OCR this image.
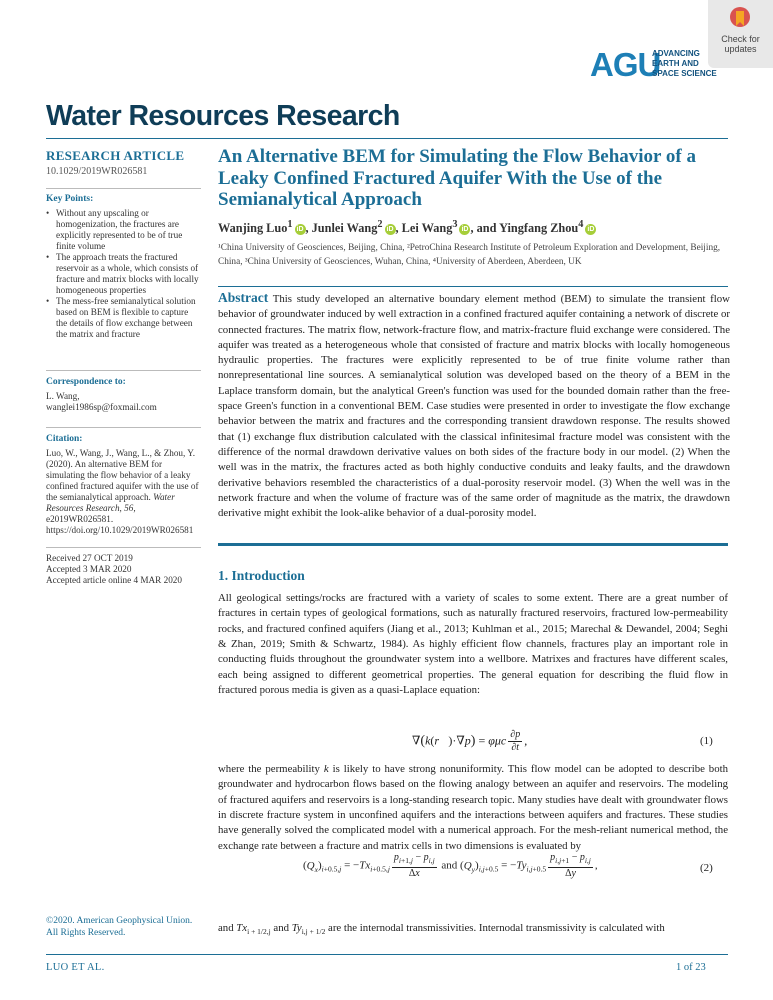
Check for updates
AGU
ADVANCING
EARTH AND
SPACE SCIENCE
Water Resources Research
RESEARCH ARTICLE
10.1029/2019WR026581
Key Points:
• Without any upscaling or homogenization, the fractures are explicitly represented to be of true finite volume
• The approach treats the fractured reservoir as a whole, which consists of fracture and matrix blocks with locally homogeneous properties
• The mess-free semianalytical solution based on BEM is flexible to capture the details of flow exchange between the matrix and fracture
Correspondence to:
L. Wang,
wanglei1986sp@foxmail.com
Citation:
Luo, W., Wang, J., Wang, L., & Zhou, Y. (2020). An alternative BEM for simulating the flow behavior of a leaky confined fractured aquifer with the use of the semianalytical approach. Water Resources Research, 56, e2019WR026581. https://doi.org/10.1029/2019WR026581
Received 27 OCT 2019
Accepted 3 MAR 2020
Accepted article online 4 MAR 2020
©2020. American Geophysical Union. All Rights Reserved.
An Alternative BEM for Simulating the Flow Behavior of a Leaky Confined Fractured Aquifer With the Use of the Semianalytical Approach
Wanjing Luo$^1$ iD , Junlei Wang$^2$ iD , Lei Wang$^3$ iD , and Yingfang Zhou$^4$ iD
¹China University of Geosciences, Beijing, China, ²PetroChina Research Institute of Petroleum Exploration and Development, Beijing, China, ³China University of Geosciences, Wuhan, China, ⁴University of Aberdeen, Aberdeen, UK
Abstract This study developed an alternative boundary element method (BEM) to simulate the transient flow behavior of groundwater induced by well extraction in a confined fractured aquifer containing a network of discrete or connected fractures. The matrix flow, network-fracture flow, and matrix-fracture fluid exchange were considered. The aquifer was treated as a heterogeneous whole that consisted of fracture and matrix blocks with locally homogeneous hydraulic properties. The fractures were explicitly represented to be of true finite volume rather than nonrepresentational line sources. A semianalytical solution was developed based on the theory of a BEM in the Laplace transform domain, but the analytical Green's function was used for the bounded domain rather than the free-space Green's function in a conventional BEM. Case studies were presented in order to investigate the flow exchange behavior between the matrix and fractures and the corresponding transient drawdown response. The results showed that (1) exchange flux distribution calculated with the classical infinitesimal fracture model was consistent with the difference of the normal drawdown derivative values on both sides of the fracture body in our model. (2) When the well was in the matrix, the fractures acted as both highly conductive conduits and leaky faults, and the drawdown derivative behaviors resembled the characteristics of a dual-porosity reservoir model. (3) When the well was in the network fracture and when the volume of fracture was of the same order of magnitude as the matrix, the drawdown derivative might exhibit the look-alike behavior of a dual-porosity model.
1. Introduction
All geological settings/rocks are fractured with a variety of scales to some extent. There are a great number of fractures in certain types of geological formations, such as naturally fractured reservoirs, fractured low-permeability rocks, and fractured confined aquifers (Jiang et al., 2013; Kuhlman et al., 2015; Marechal & Dewandel, 2004; Seghi & Zhan, 2019; Smith & Schwartz, 1984). As highly efficient flow channels, fractures play an important role in conducting fluids throughout the groundwater system into a wellbore. Matrixes and fractures have different scales, each being assigned to different geometrical properties. The general equation for describing the fluid flow in fractured porous media is given as a quasi-Laplace equation:
∇(k(r⃗)·∇p) = φμc $\frac{\partial p}{\partial t}$ ,	(1)
where the permeability k is likely to have strong nonuniformity. This flow model can be adopted to describe both groundwater and hydrocarbon flows based on the flowing analogy between an aquifer and reservoirs. The modeling of fractured aquifers and reservoirs is a long-standing research topic. Many studies have dealt with groundwater flows in discrete fracture system in unconfined aquifers and the interactions between aquifers and fractures. These studies have generally solved the complicated model with a numerical approach. For the mesh-reliant numerical method, the exchange rate between a fracture and matrix cells in two dimensions is evaluated by
$(Q_x)_{i+0.5,j} = -Tx_{i+0.5,j} \frac{p_{i+1,j} - p_{i,j}}{\Delta x}$ and $(Q_y)_{i,j+0.5} = -Ty_{i,j+0.5} \frac{p_{i,j+1} - p_{i,j}}{\Delta y}$ ,	(2)
and $Tx_{i + 1/2,j}$ and $Ty_{i,j + 1/2}$ are the internodal transmissivities. Internodal transmissivity is calculated with
LUO ET AL.	1 of 23
